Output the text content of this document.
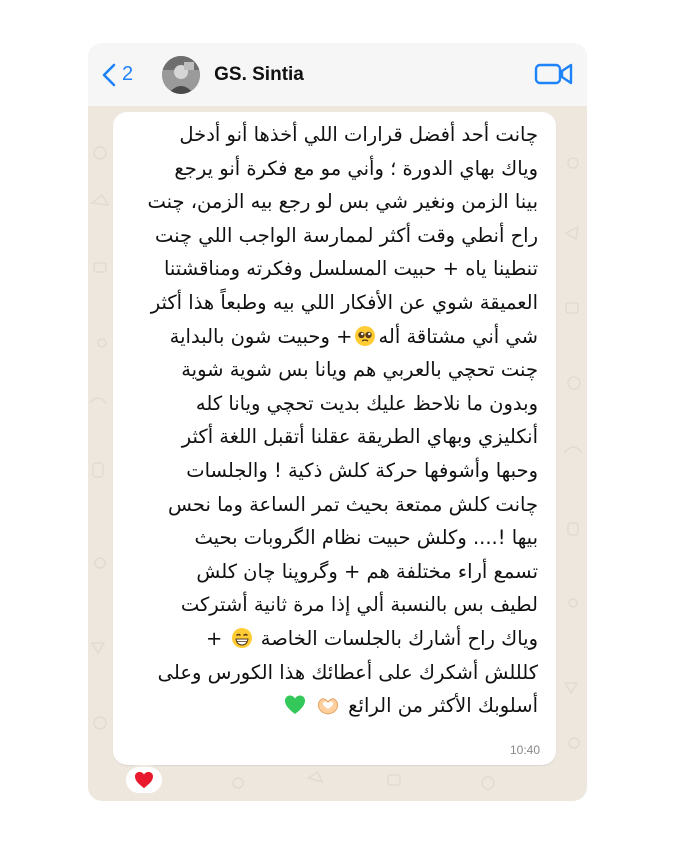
2	GS. Sintia
چانت أحد أفضل قرارات اللي أخذها أنو أدخل
وياك بهاي الدورة ؛ وأني مو مع فكرة أنو يرجع
بينا الزمن ونغير شي بس لو رجع بيه الزمن، چنت
راح أنطي وقت أكثر لممارسة الواجب اللي چنت
تنطينا ياه + حبيت المسلسل وفكرته ومناقشتنا
العميقة شوي عن الأفكار اللي بيه وطبعاً هذا أكثر
شي أني مشتاقة أله+ وحبيت شون بالبداية
چنت تحچي بالعربي هم ويانا بس شوية شوية
وبدون ما نلاحظ عليك بديت تحچي ويانا كله
أنكليزي وبهاي الطريقة عقلنا أتقبل اللغة أكثر
وحبها وأشوفها حركة كلش ذكية ! والجلسات
چانت كلش ممتعة بحيث تمر الساعة وما نحس
بيها !.... وكلش حبيت نظام الگروبات بحيث
تسمع أراء مختلفة هم + وگروپنا چان كلش
لطيف بس بالنسبة ألي إذا مرة ثانية أشتركت
وياك راح أشارك بالجلسات الخاصة  +
كلللش أشكرك على أعطائك هذا الكورس وعلى
أسلوبك الأكثر من الرائع
10:40
